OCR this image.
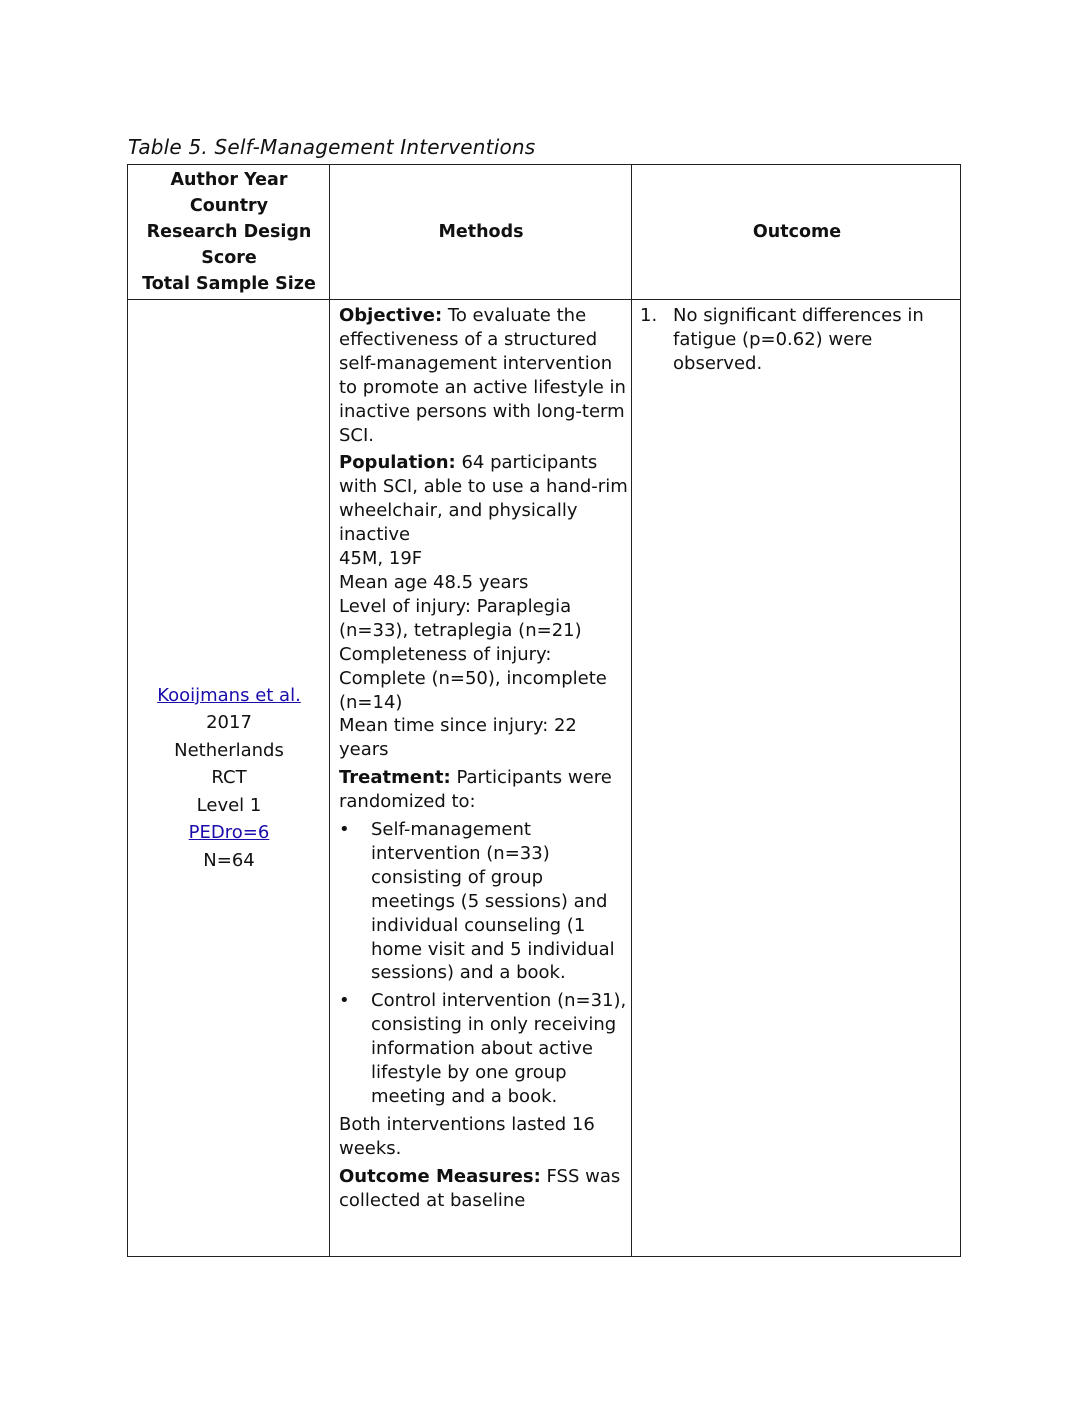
Table 5. Self-Management Interventions
Author Year
Country
Research Design
Score
Total Sample Size
Methods	Outcome
Kooijmans et al.
2017
Netherlands
RCT
Level 1
PEDro=6
N=64
Objective: To evaluate the effectiveness of a structured self-management intervention to promote an active lifestyle in inactive persons with long-term SCI.
Population: 64 participants with SCI, able to use a hand-rim wheelchair, and physically inactive
45M, 19F
Mean age 48.5 years
Level of injury: Paraplegia (n=33), tetraplegia (n=21)
Completeness of injury: Complete (n=50), incomplete (n=14)
Mean time since injury: 22 years
Treatment: Participants were randomized to:
• Self-management intervention (n=33) consisting of group meetings (5 sessions) and individual counseling (1 home visit and 5 individual sessions) and a book.
• Control intervention (n=31), consisting in only receiving information about active lifestyle by one group meeting and a book.
Both interventions lasted 16 weeks.
Outcome Measures: FSS was collected at baseline
1. No significant differences in fatigue (p=0.62) were observed.
